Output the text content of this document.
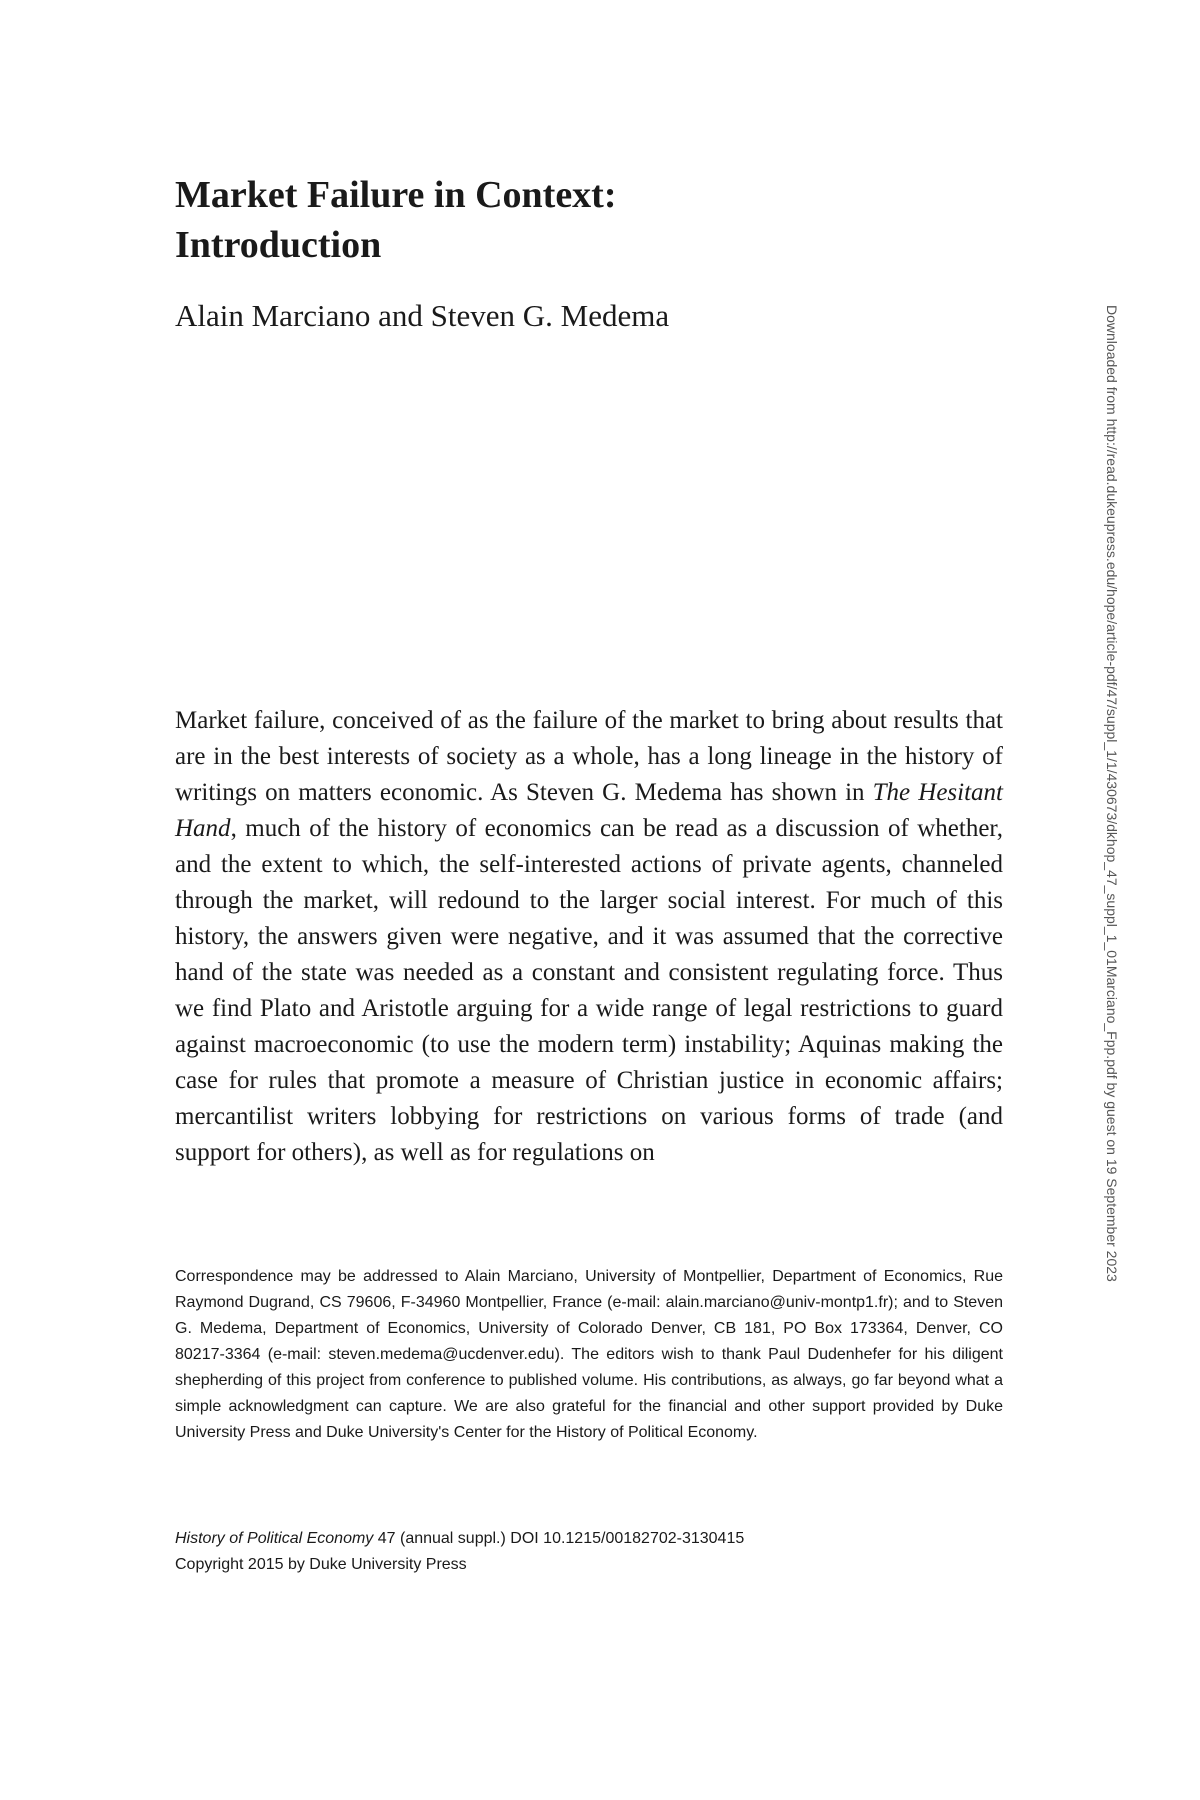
Market Failure in Context:
Introduction
Alain Marciano and Steven G. Medema

Market failure, conceived of as the failure of the market to bring about results that are in the best interests of society as a whole, has a long lineage in the history of writings on matters economic. As Steven G. Medema has shown in The Hesitant Hand, much of the history of economics can be read as a discussion of whether, and the extent to which, the self-interested actions of private agents, channeled through the market, will redound to the larger social interest. For much of this history, the answers given were negative, and it was assumed that the corrective hand of the state was needed as a constant and consistent regulating force. Thus we find Plato and Aristotle arguing for a wide range of legal restrictions to guard against macroeconomic (to use the modern term) instability; Aquinas making the case for rules that promote a measure of Christian justice in economic affairs; mercantilist writers lobbying for restrictions on various forms of trade (and support for others), as well as for regulations on

Correspondence may be addressed to Alain Marciano, University of Montpellier, Department of Economics, Rue Raymond Dugrand, CS 79606, F-34960 Montpellier, France (e-mail: alain.marciano@univ-montp1.fr); and to Steven G. Medema, Department of Economics, University of Colorado Denver, CB 181, PO Box 173364, Denver, CO 80217-3364 (e-mail: steven.medema@ucdenver.edu). The editors wish to thank Paul Dudenhefer for his diligent shepherding of this project from conference to published volume. His contributions, as always, go far beyond what a simple acknowledgment can capture. We are also grateful for the financial and other support provided by Duke University Press and Duke University's Center for the History of Political Economy.

History of Political Economy 47 (annual suppl.) DOI 10.1215/00182702-3130415
Copyright 2015 by Duke University Press

Downloaded from http://read.dukeupress.edu/hope/article-pdf/47/suppl_1/1/430673/dkhop_47_suppl_1_01Marciano_Fpp.pdf by guest on 19 September 2023
